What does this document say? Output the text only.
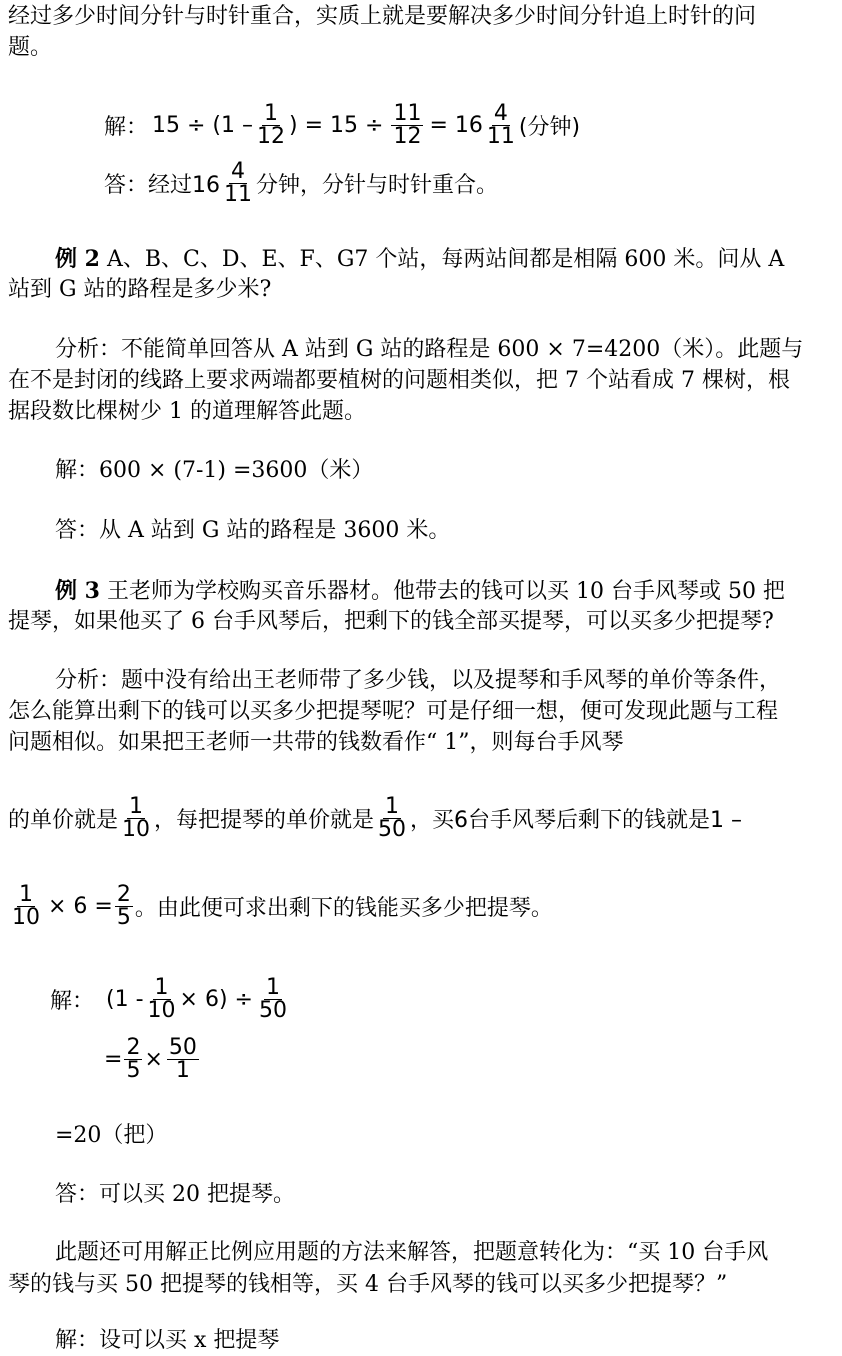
经过多少时间分针与时针重合，实质上就是要解决多少时间分针追上时针的问
题。
解： $15 \div (1 - \frac{1}{12}$ ) = $15 \div \frac{11}{12} = 16 \frac{4}{11}$ (分钟)
答： 经过$16 \frac{4}{11}$ 分钟，分针与时针重合。
例 2 A、B、C、D、E、F、G7 个站，每两站间都是相隔 600 米。问从 A
站到 G 站的路程是多少米?
分析：不能简单回答从 A 站到 G 站的路程是 600 × 7=4200（米）。此题与
在不是封闭的线路上要求两端都要植树的问题相类似，把 7 个站看成 7 棵树，根
据段数比棵树少 1 的道理解答此题。
解：600 × (7-1) =3600（米）
答：从 A 站到 G 站的路程是 3600 米。
例 3 王老师为学校购买音乐器材。他带去的钱可以买 10 台手风琴或 50 把
提琴，如果他买了 6 台手风琴后，把剩下的钱全部买提琴，可以买多少把提琴?
分析：题中没有给出王老师带了多少钱，以及提琴和手风琴的单价等条件，
怎么能算出剩下的钱可以买多少把提琴呢？可是仔细一想，便可发现此题与工程
问题相似。如果把王老师一共带的钱数看作“ 1”，则每台手风琴
的单价就是 $\frac{1}{10}$ ，每把提琴的单价就是 $\frac{1}{50}$ ，买6台手风琴后剩下的钱就是1 –
$\frac{1}{10} \times 6 = \frac{2}{5}$ 。由此便可求出剩下的钱能买多少把提琴。
解： $(1 - \frac{1}{10} \times 6) \div \frac{1}{50}$
= $\frac{2}{5} \times \frac{50}{1}$
=20（把）
答：可以买 20 把提琴。
此题还可用解正比例应用题的方法来解答，把题意转化为：“买 10 台手风
琴的钱与买 50 把提琴的钱相等，买 4 台手风琴的钱可以买多少把提琴？”
解：设可以买 x 把提琴
